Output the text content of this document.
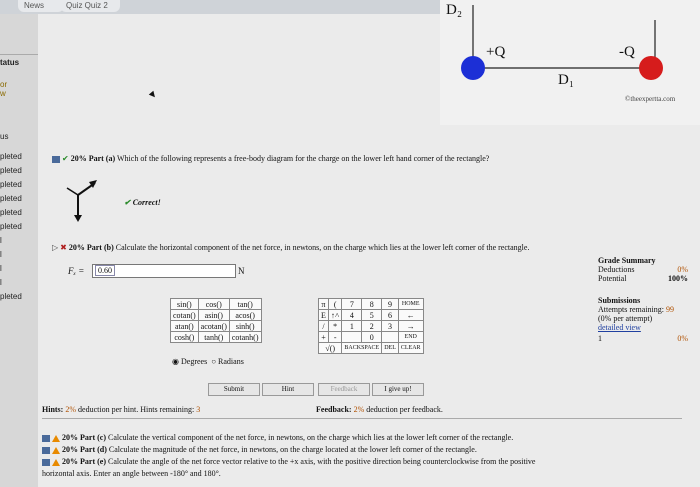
News	Quiz Quiz 2
tatus
or
w
us
pleted
pleted
pleted
pleted
pleted
pleted
l
l
l
l
pleted
D₂
+Q	-Q
D₁
©theexpertta.com
✔ 20% Part (a) Which of the following represents a free-body diagram for the charge on the lower left hand corner of the rectangle?
✔ Correct!
▷ ✖ 20% Part (b) Calculate the horizontal component of the net force, in newtons, on the charge which lies at the lower left corner of the rectangle.
Fₓ =	0.60	N
Grade Summary
Deductions	0%
Potential	100%
Submissions
Attempts remaining: 99
(0% per attempt)
detailed view
1	0%
sin()	cos()	tan()
cotan()	asin()	acos()
atan()	acotan()	sinh()
cosh()	tanh()	cotanh()
◉ Degrees ○ Radians
π	(	7	8	9	HOME
E	↑˄	4	5	6	←
/	*	1	2	3	→
+	-		0		END
√()		BACKSPACE		DEL	CLEAR
Submit	Hint	Feedback	I give up!
Hints: 2% deduction per hint. Hints remaining: 3	Feedback: 2% deduction per feedback.
20% Part (c) Calculate the vertical component of the net force, in newtons, on the charge which lies at the lower left corner of the rectangle.
20% Part (d) Calculate the magnitude of the net force, in newtons, on the charge located at the lower left corner of the rectangle.
20% Part (e) Calculate the angle of the net force vector relative to the +x axis, with the positive direction being counterclockwise from the positive
horizontal axis. Enter an angle between -180° and 180°.
